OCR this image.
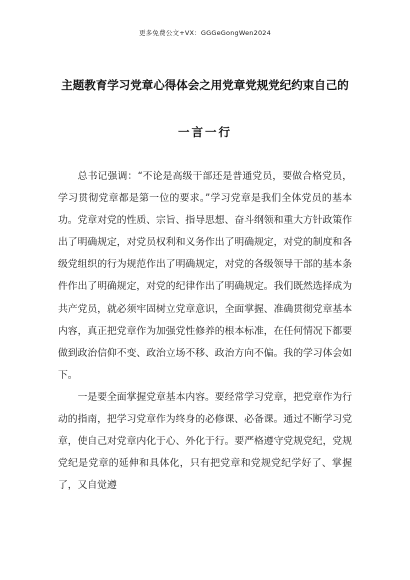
更多免费公文+VX：GGGeGongWen2024
主题教育学习党章心得体会之用党章党规党纪约束自己的
一言一行

总书记强调：“不论是高级干部还是普通党员，要做合格党员，学习贯彻党章都是第一位的要求。”学习党章是我们全体党员的基本功。党章对党的性质、宗旨、指导思想、奋斗纲领和重大方针政策作出了明确规定，对党员权利和义务作出了明确规定，对党的制度和各级党组织的行为规范作出了明确规定，对党的各级领导干部的基本条件作出了明确规定，对党的纪律作出了明确规定。我们既然选择成为共产党员，就必须牢固树立党章意识，全面掌握、准确贯彻党章基本内容，真正把党章作为加强党性修养的根本标准，在任何情况下都要做到政治信仰不变、政治立场不移、政治方向不偏。我的学习体会如下。

一是要全面掌握党章基本内容。要经常学习党章，把党章作为行动的指南，把学习党章作为终身的必修课、必备课。通过不断学习党章，使自己对党章内化于心、外化于行。要严格遵守党规党纪，党规党纪是党章的延伸和具体化，只有把党章和党规党纪学好了、掌握了，又自觉遵
